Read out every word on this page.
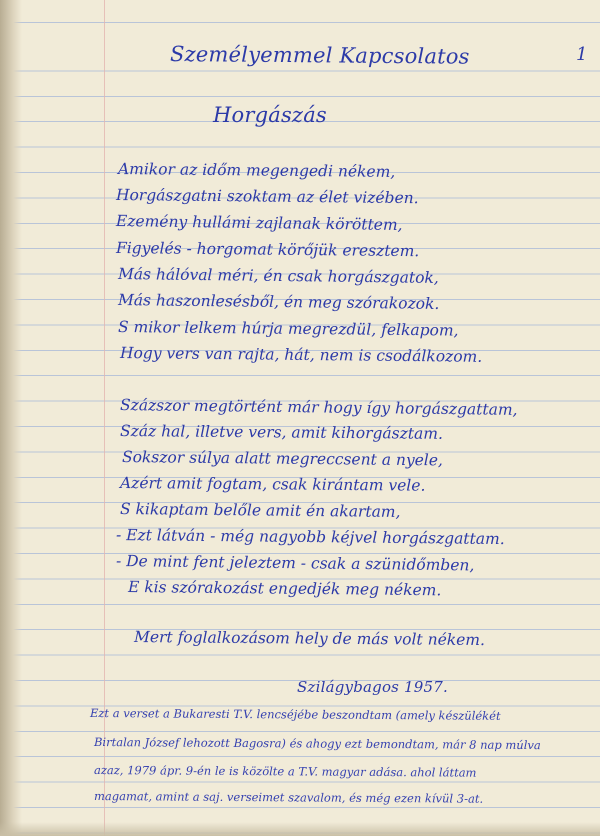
Személyemmel Kapcsolatos	1
Horgászás
Amikor az időm megengedi nékem,
Horgászgatni szoktam az élet vizében.
Ezemény hullámi zajlanak köröttem,
Figyelés - horgomat körőjük eresztem.
Más hálóval méri, én csak horgászgatok,
Más haszonlesésből, én meg szórakozok.
S mikor lelkem húrja megrezdül, felkapom,
Hogy vers van rajta, hát, nem is csodálkozom.
Százszor megtörtént már hogy így horgászgattam,
Száz hal, illetve vers, amit kihorgásztam.
Sokszor súlya alatt megreccsent a nyele,
Azért amit fogtam, csak kirántam vele.
S kikaptam belőle amit én akartam,
- Ezt látván - még nagyobb kéjvel horgászgattam.
- De mint fent jeleztem - csak a szünidőmben,
E kis szórakozást engedjék meg nékem.
Mert foglalkozásom hely de más volt nékem.
Szilágybagos 1957.
Ezt a verset a Bukaresti T.V. lencséjébe beszondtam (amely készülékét
Birtalan József lehozott Bagosra) és ahogy ezt bemondtam, már 8 nap múlva
azaz, 1979 ápr. 9-én le is közölte a T.V. magyar adása. ahol láttam
magamat, amint a saj. verseimet szavalom, és még ezen kívül 3-at.
